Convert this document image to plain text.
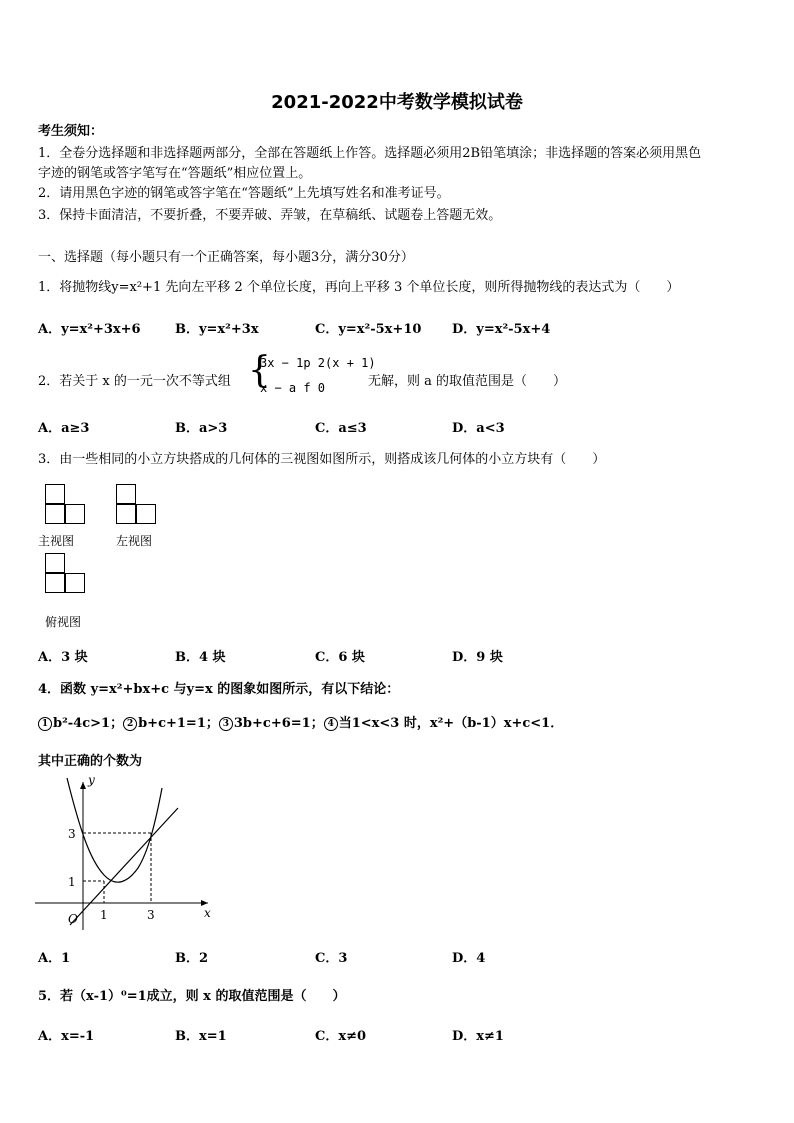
2021-2022中考数学模拟试卷
考生须知：
1．全卷分选择题和非选择题两部分，全部在答题纸上作答。选择题必须用2B铅笔填涂；非选择题的答案必须用黑色
字迹的钢笔或答字笔写在“答题纸”相应位置上。
2．请用黑色字迹的钢笔或答字笔在“答题纸”上先填写姓名和准考证号。
3．保持卡面清洁，不要折叠，不要弄破、弄皱，在草稿纸、试题卷上答题无效。
一、选择题（每小题只有一个正确答案，每小题3分，满分30分）
1．将抛物线y=x²+1 先向左平移 2 个单位长度，再向上平移 3 个单位长度，则所得抛物线的表达式为（　　）
A．y=x²+3x+6	B．y=x²+3x	C．y=x²-5x+10 D．y=x²-5x+4
2．若关于 x 的一元一次不等式组 {
3x − 1p 2(x + 1)
x − a f 0	无解，则 a 的取值范围是（　　）
A．a≥3	B．a>3	C．a≤3	D．a<3
3．由一些相同的小立方块搭成的几何体的三视图如图所示，则搭成该几何体的小立方块有（　　）
主视图	左视图
俯视图
A．3 块	B．4 块	C．6 块	D．9 块
4．函数 y=x²+bx+c 与y=x 的图象如图所示，有以下结论：
1 b²-4c>1； 2 b+c+1=1； 3 3b+c+6=1； 4 当1<x<3 时，x²+（b-1）x+c<1．
其中正确的个数为
y
x
O 1	3
1
3
A．1	B．2	C．3	D．4
5．若（x-1）⁰=1成立，则 x 的取值范围是（　　）
A．x=-1	B．x=1	C．x≠0	D．x≠1
